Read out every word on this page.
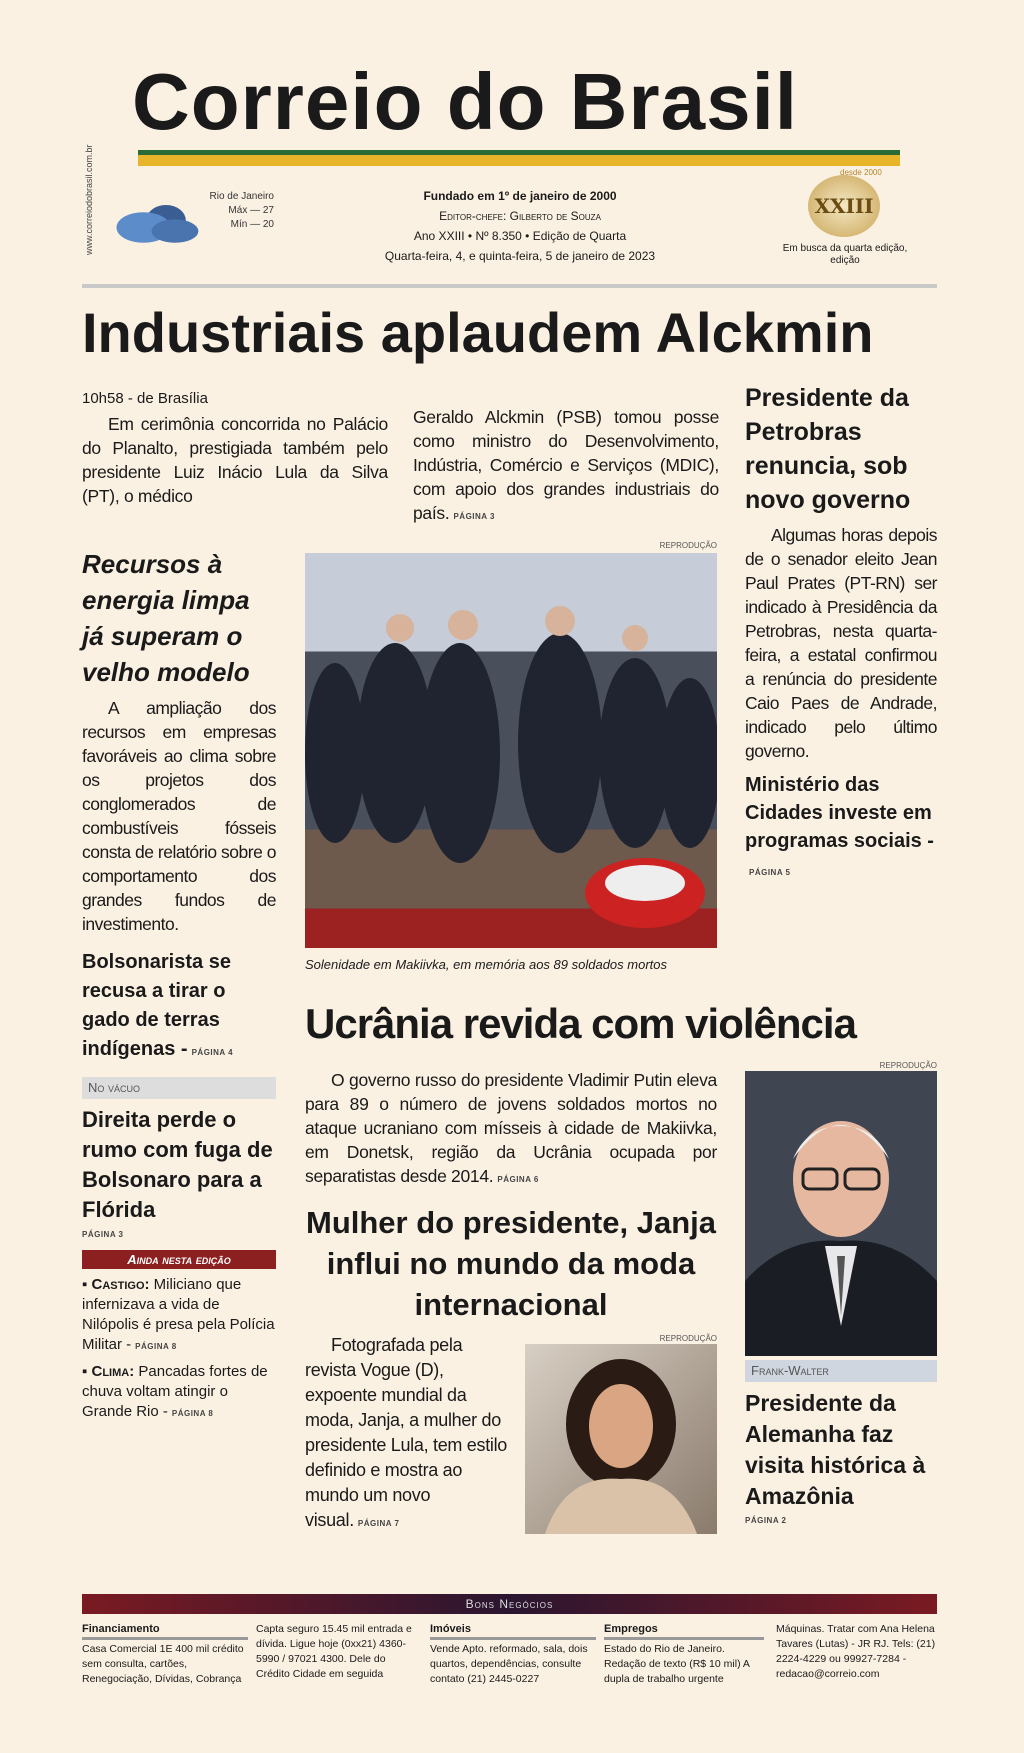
www.correiodobrasil.com.br
Correio do Brasil
desde 2000
Rio de Janeiro
Máx — 27
Mín — 20
Fundado em 1º de janeiro de 2000
Editor-chefe: Gilberto de Souza
Ano XXIII • Nº 8.350 • Edição de Quarta
Quarta-feira, 4, e quinta-feira, 5 de janeiro de 2023
XXIII
Em busca da quarta edição, edição
Industriais aplaudem Alckmin
10h58 - de Brasília
Em cerimônia concorrida no Palácio do Planalto, prestigiada também pelo presidente Luiz Inácio Lula da Silva (PT), o médico
Geraldo Alckmin (PSB) tomou posse como ministro do Desenvolvimento, Indústria, Comércio e Serviços (MDIC), com apoio dos grandes industriais do país. PÁGINA 3
Recursos à energia limpa já superam o velho modelo
A ampliação dos recursos em empresas favoráveis ao clima sobre os projetos dos conglomerados de combustíveis fósseis consta de relatório sobre o comportamento dos grandes fundos de investimento.
Bolsonarista se recusa a tirar o gado de terras indígenas - PÁGINA 4
No vácuo
Direita perde o rumo com fuga de Bolsonaro para a Flórida
PÁGINA 3
Ainda nesta edição
▪ Castigo: Miliciano que infernizava a vida de Nilópolis é presa pela Polícia Militar - PÁGINA 8
▪ Clima: Pancadas fortes de chuva voltam atingir o Grande Rio - PÁGINA 8
REPRODUÇÃO
Solenidade em Makiivka, em memória aos 89 soldados mortos
Ucrânia revida com violência
O governo russo do presidente Vladimir Putin eleva para 89 o número de jovens soldados mortos no ataque ucraniano com mísseis à cidade de Makiivka, em Donetsk, região da Ucrânia ocupada por separatistas desde 2014. PÁGINA 6
Mulher do presidente, Janja influi no mundo da moda internacional
Fotografada pela revista Vogue (D), expoente mundial da moda, Janja, a mulher do presidente Lula, tem estilo definido e mostra ao mundo um novo visual. PÁGINA 7
REPRODUÇÃO
Presidente da Petrobras renuncia, sob novo governo
Algumas horas depois de o senador eleito Jean Paul Prates (PT-RN) ser indicado à Presidência da Petrobras, nesta quarta-feira, a estatal confirmou a renúncia do presidente Caio Paes de Andrade, indicado pelo último governo.
Ministério das Cidades investe em programas sociais -PÁGINA 5
REPRODUÇÃO
Frank-Walter
Presidente da Alemanha faz visita histórica à Amazônia
PÁGINA 2
Bons Negócios
Financiamento
Casa Comercial 1E 400 mil crédito sem consulta, cartões, Renegociação, Dívidas, Cobrança
Capta seguro 15.45 mil entrada e dívida. Ligue hoje (0xx21) 4360-5990 / 97021 4300. Dele do Crédito Cidade em seguida
Imóveis
Vende Apto. reformado, sala, dois quartos, dependências, consulte contato (21) 2445-0227
Empregos
Estado do Rio de Janeiro. Redação de texto (R$ 10 mil) A dupla de trabalho urgente
Máquinas. Tratar com Ana Helena Tavares (Lutas) - JR RJ. Tels: (21) 2224-4229 ou 99927-7284 - redacao@correio.com
